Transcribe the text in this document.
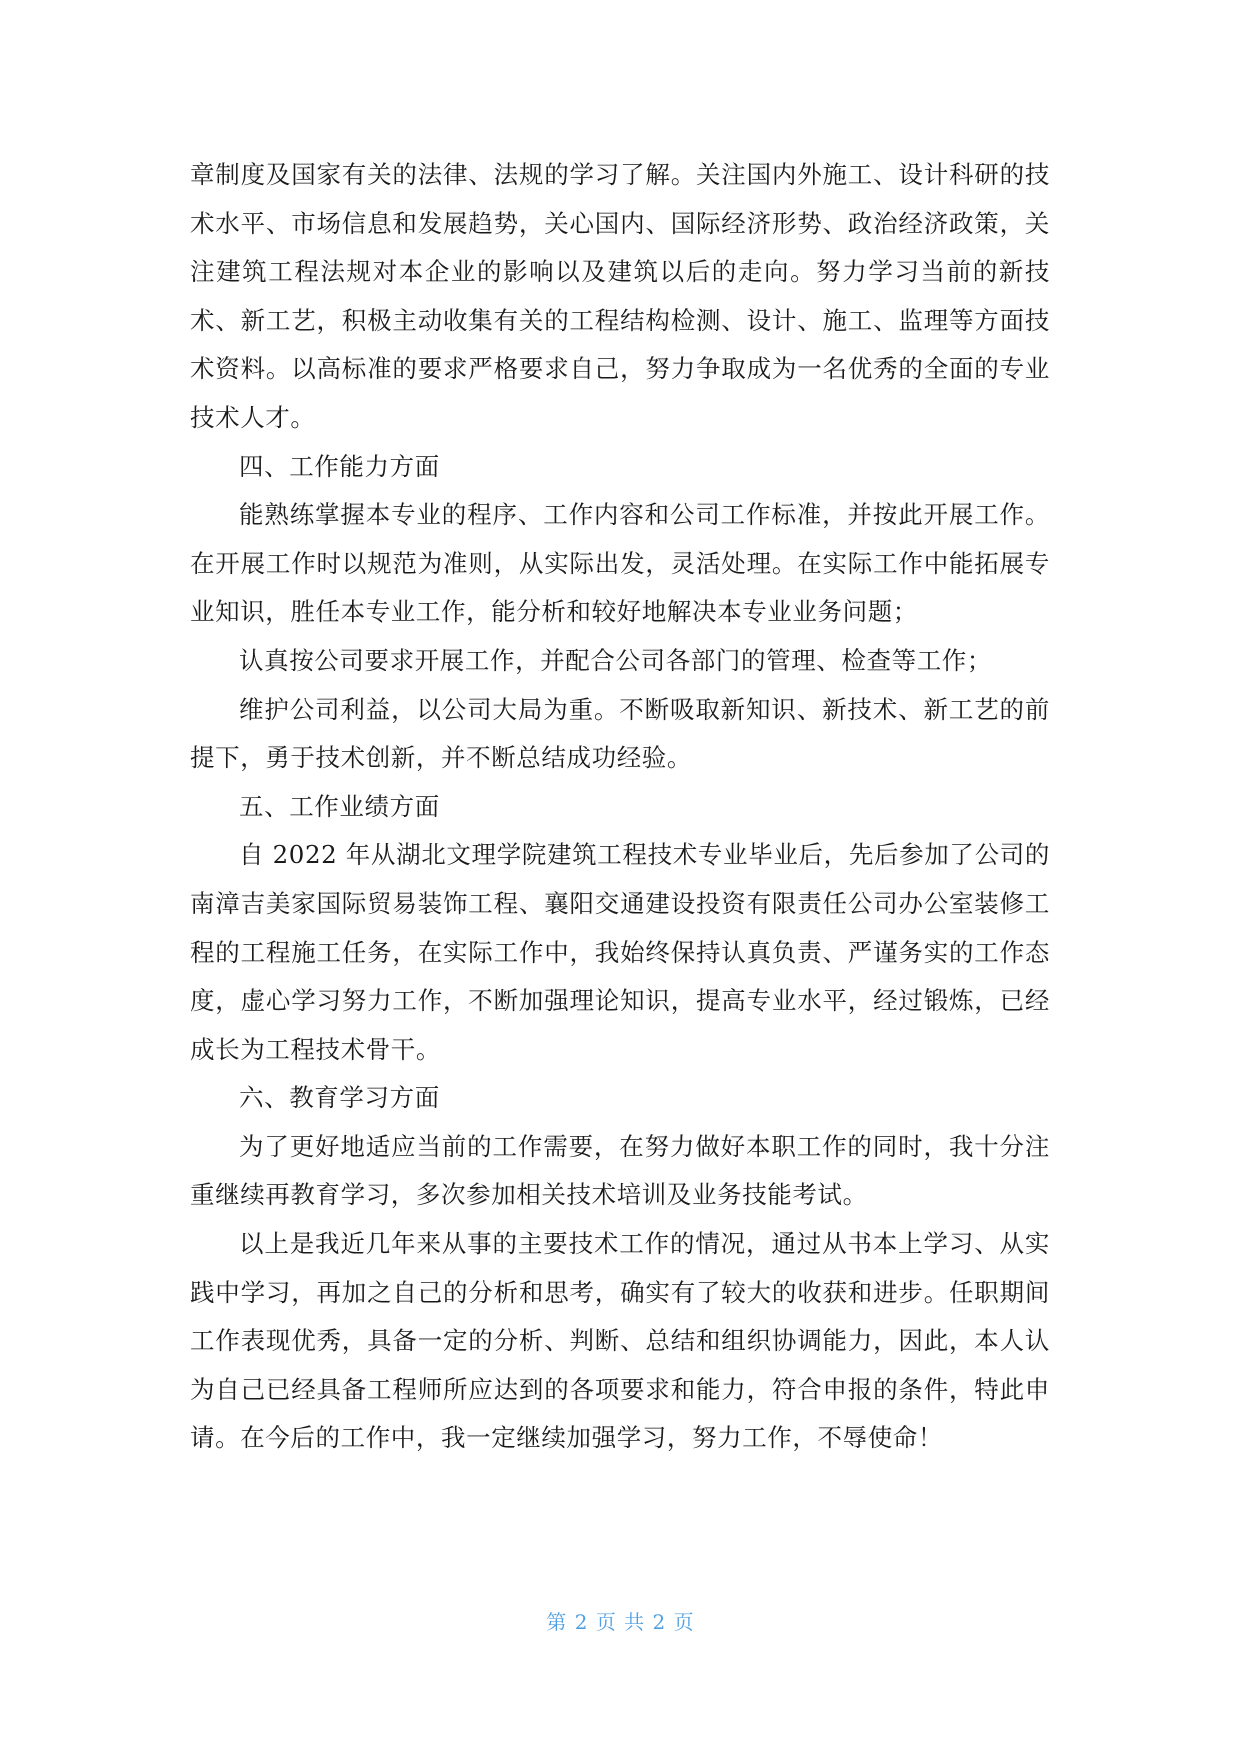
章制度及国家有关的法律、法规的学习了解。关注国内外施工、设计科研的技术水平、市场信息和发展趋势，关心国内、国际经济形势、政治经济政策，关注建筑工程法规对本企业的影响以及建筑以后的走向。努力学习当前的新技术、新工艺，积极主动收集有关的工程结构检测、设计、施工、监理等方面技术资料。以高标准的要求严格要求自己，努力争取成为一名优秀的全面的专业技术人才。

四、工作能力方面

能熟练掌握本专业的程序、工作内容和公司工作标准，并按此开展工作。在开展工作时以规范为准则，从实际出发，灵活处理。在实际工作中能拓展专业知识，胜任本专业工作，能分析和较好地解决本专业业务问题；

认真按公司要求开展工作，并配合公司各部门的管理、检查等工作；

维护公司利益，以公司大局为重。不断吸取新知识、新技术、新工艺的前提下，勇于技术创新，并不断总结成功经验。

五、工作业绩方面

自 2022 年从湖北文理学院建筑工程技术专业毕业后，先后参加了公司的南漳吉美家国际贸易装饰工程、襄阳交通建设投资有限责任公司办公室装修工程的工程施工任务，在实际工作中，我始终保持认真负责、严谨务实的工作态度，虚心学习努力工作，不断加强理论知识，提高专业水平，经过锻炼，已经成长为工程技术骨干。

六、教育学习方面

为了更好地适应当前的工作需要，在努力做好本职工作的同时，我十分注重继续再教育学习，多次参加相关技术培训及业务技能考试。

以上是我近几年来从事的主要技术工作的情况，通过从书本上学习、从实践中学习，再加之自己的分析和思考，确实有了较大的收获和进步。任职期间工作表现优秀，具备一定的分析、判断、总结和组织协调能力，因此，本人认为自己已经具备工程师所应达到的各项要求和能力，符合申报的条件，特此申请。在今后的工作中，我一定继续加强学习，努力工作，不辱使命！

第 2 页 共 2 页
